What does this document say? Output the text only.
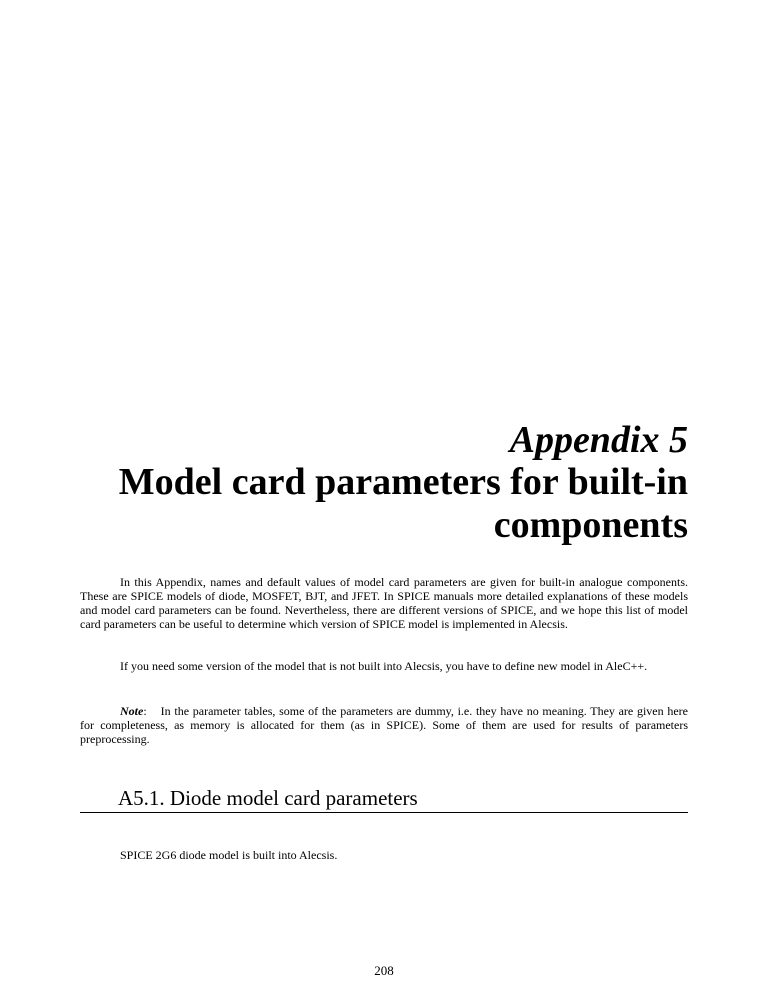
Appendix 5
Model card parameters for built-in components

In this Appendix, names and default values of model card parameters are given for built-in analogue components. These are SPICE models of diode, MOSFET, BJT, and JFET. In SPICE manuals more detailed explanations of these models and model card parameters can be found. Nevertheless, there are different versions of SPICE, and we hope this list of model card parameters can be useful to determine which version of SPICE model is implemented in Alecsis.

If you need some version of the model that is not built into Alecsis, you have to define new model in AleC++.

Note: In the parameter tables, some of the parameters are dummy, i.e. they have no meaning. They are given here for completeness, as memory is allocated for them (as in SPICE). Some of them are used for results of parameters preprocessing.

A5.1. Diode model card parameters
SPICE 2G6 diode model is built into Alecsis.
208
